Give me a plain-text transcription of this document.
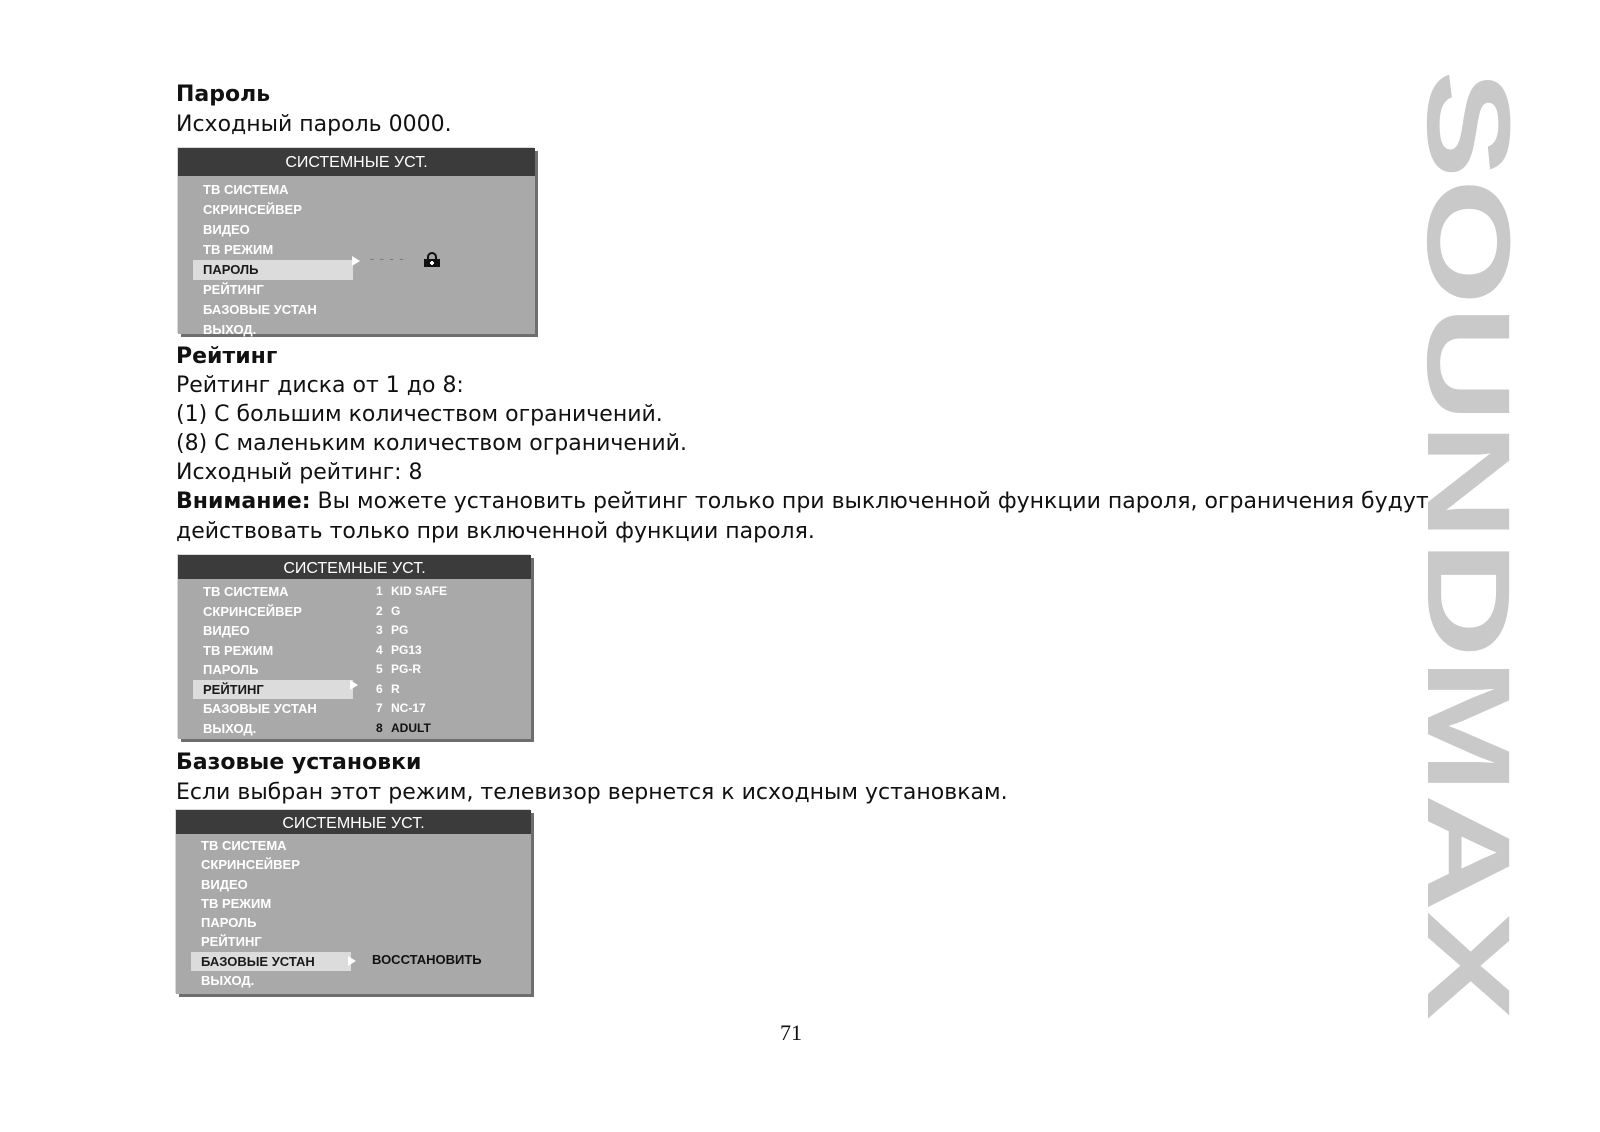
Пароль
Исходный пароль 0000.
СИСТЕМНЫЕ УСТ.
ТВ СИСТЕМА
СКРИНСЕЙВЕР
ВИДЕО
ТВ РЕЖИМ
ПАРОЛЬ
РЕЙТИНГ
БАЗОВЫЕ УСТАН
ВЫХОД.
----
Рейтинг
Рейтинг диска от 1 до 8:
(1) С большим количеством ограничений.
(8) С маленьким количеством ограничений.
Исходный рейтинг: 8
Внимание: Вы можете установить рейтинг только при выключенной функции пароля, ограничения будут действовать только при включенной функции пароля.
СИСТЕМНЫЕ УСТ.
ТВ СИСТЕМА
СКРИНСЕЙВЕР
ВИДЕО
ТВ РЕЖИМ
ПАРОЛЬ
РЕЙТИНГ
БАЗОВЫЕ УСТАН
ВЫХОД.
1 KID SAFE
2 G
3 PG
4 PG13
5 PG-R
6 R
7 NC-17
8 ADULT
Базовые установки
Если выбран этот режим, телевизор вернется к исходным установкам.
СИСТЕМНЫЕ УСТ.
ТВ СИСТЕМА
СКРИНСЕЙВЕР
ВИДЕО
ТВ РЕЖИМ
ПАРОЛЬ
РЕЙТИНГ
БАЗОВЫЕ УСТАН
ВЫХОД.
ВОССТАНОВИТЬ
SOUNDMAX
71
